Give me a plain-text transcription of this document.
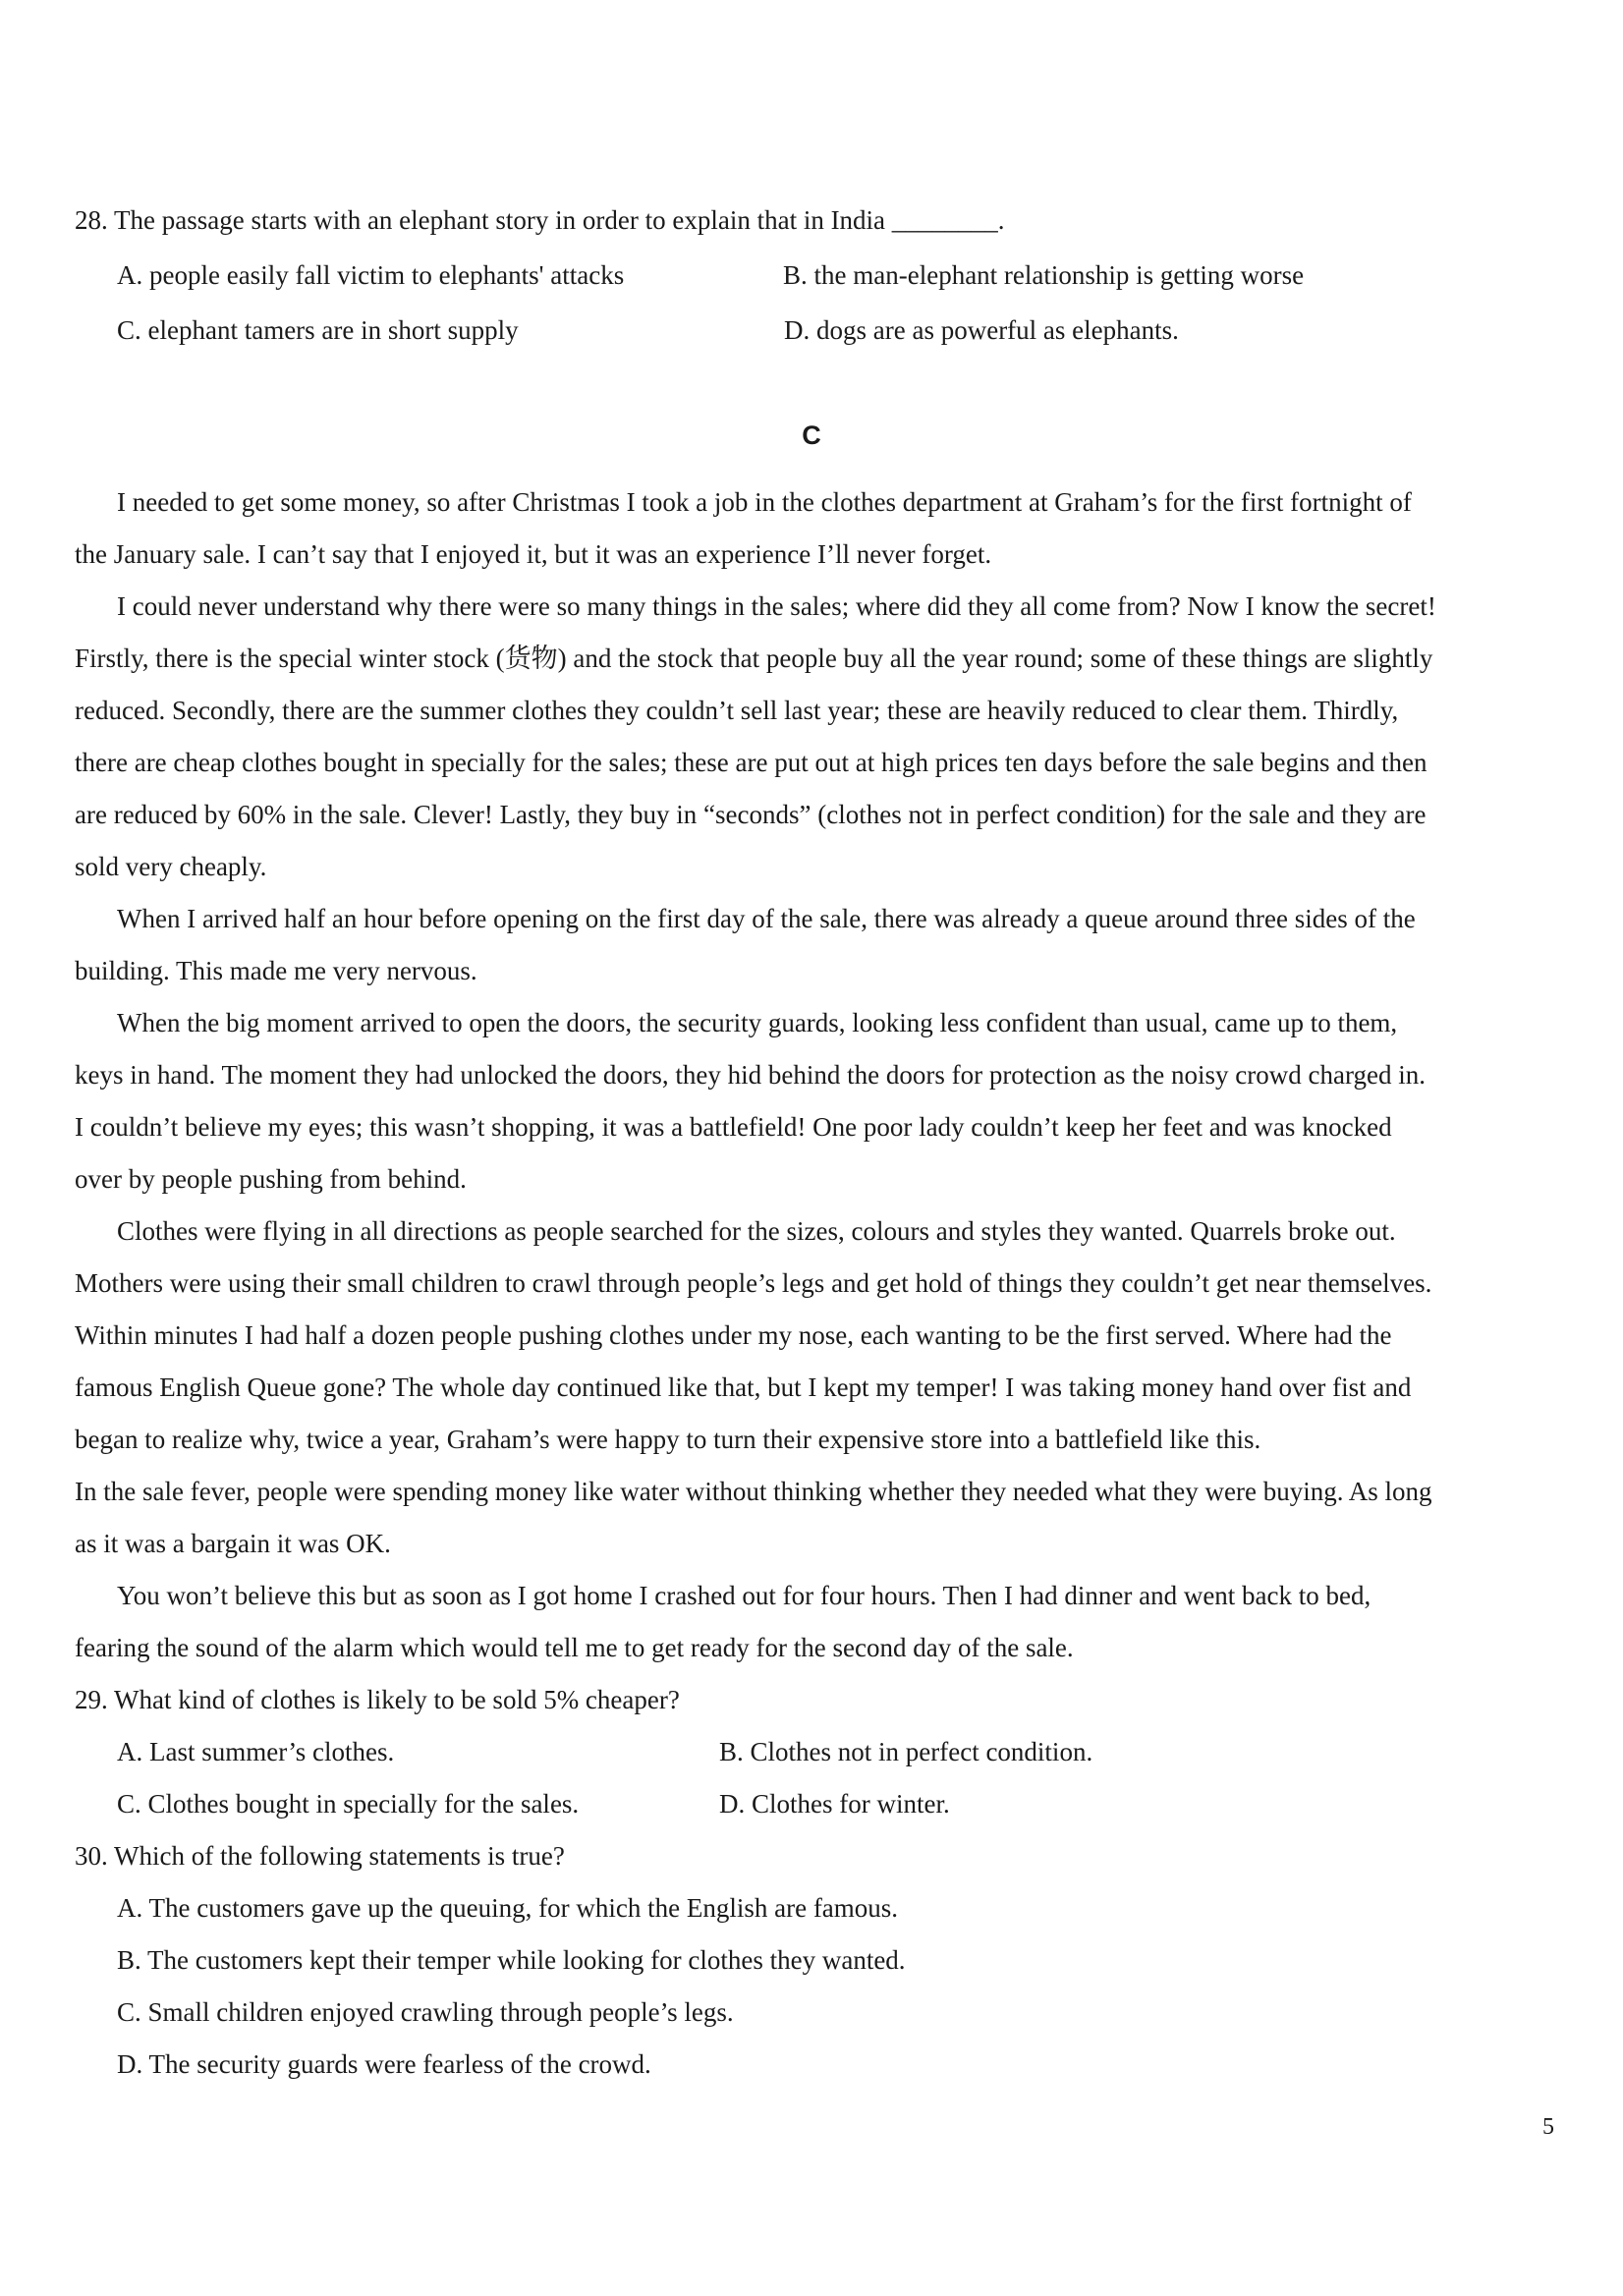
28. The passage starts with an elephant story in order to explain that in India ________.
A. people easily fall victim to elephants' attacks	B. the man-elephant relationship is getting worse
C. elephant tamers are in short supply	D. dogs are as powerful as elephants.
C
I needed to get some money, so after Christmas I took a job in the clothes department at Graham’s for the first fortnight of
the January sale. I can’t say that I enjoyed it, but it was an experience I’ll never forget.
I could never understand why there were so many things in the sales; where did they all come from? Now I know the secret!
Firstly, there is the special winter stock (货物) and the stock that people buy all the year round; some of these things are slightly
reduced. Secondly, there are the summer clothes they couldn’t sell last year; these are heavily reduced to clear them. Thirdly,
there are cheap clothes bought in specially for the sales; these are put out at high prices ten days before the sale begins and then
are reduced by 60% in the sale. Clever! Lastly, they buy in “seconds” (clothes not in perfect condition) for the sale and they are
sold very cheaply.
When I arrived half an hour before opening on the first day of the sale, there was already a queue around three sides of the
building. This made me very nervous.
When the big moment arrived to open the doors, the security guards, looking less confident than usual, came up to them,
keys in hand. The moment they had unlocked the doors, they hid behind the doors for protection as the noisy crowd charged in.
I couldn’t believe my eyes; this wasn’t shopping, it was a battlefield! One poor lady couldn’t keep her feet and was knocked
over by people pushing from behind.
Clothes were flying in all directions as people searched for the sizes, colours and styles they wanted. Quarrels broke out.
Mothers were using their small children to crawl through people’s legs and get hold of things they couldn’t get near themselves.
Within minutes I had half a dozen people pushing clothes under my nose, each wanting to be the first served. Where had the
famous English Queue gone? The whole day continued like that, but I kept my temper! I was taking money hand over fist and
began to realize why, twice a year, Graham’s were happy to turn their expensive store into a battlefield like this.
In the sale fever, people were spending money like water without thinking whether they needed what they were buying. As long
as it was a bargain it was OK.
You won’t believe this but as soon as I got home I crashed out for four hours. Then I had dinner and went back to bed,
fearing the sound of the alarm which would tell me to get ready for the second day of the sale.
29. What kind of clothes is likely to be sold 5% cheaper?
A. Last summer’s clothes.	B. Clothes not in perfect condition.
C. Clothes bought in specially for the sales.	D. Clothes for winter.
30. Which of the following statements is true?
A. The customers gave up the queuing, for which the English are famous.
B. The customers kept their temper while looking for clothes they wanted.
C. Small children enjoyed crawling through people’s legs.
D. The security guards were fearless of the crowd.
5
